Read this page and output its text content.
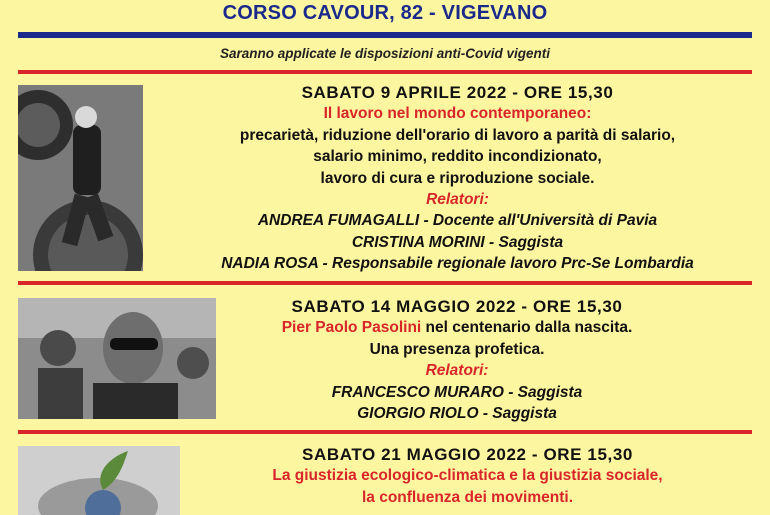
CORSO CAVOUR, 82 - VIGEVANO
Saranno applicate le disposizioni anti-Covid vigenti
SABATO 9 APRILE 2022 - ORE 15,30
Il lavoro nel mondo contemporaneo:
precarietà, riduzione dell'orario di lavoro a parità di salario,
salario minimo, reddito incondizionato,
lavoro di cura e riproduzione sociale.
Relatori:
ANDREA FUMAGALLI - Docente all'Università di Pavia
CRISTINA MORINI - Saggista
NADIA ROSA - Responsabile regionale lavoro Prc-Se Lombardia
SABATO 14 MAGGIO 2022 - ORE 15,30
Pier Paolo Pasolini nel centenario dalla nascita.
Una presenza profetica.
Relatori:
FRANCESCO MURARO - Saggista
GIORGIO RIOLO - Saggista
SABATO 21 MAGGIO 2022 - ORE 15,30
La giustizia ecologico-climatica e la giustizia sociale,
la confluenza dei movimenti.
